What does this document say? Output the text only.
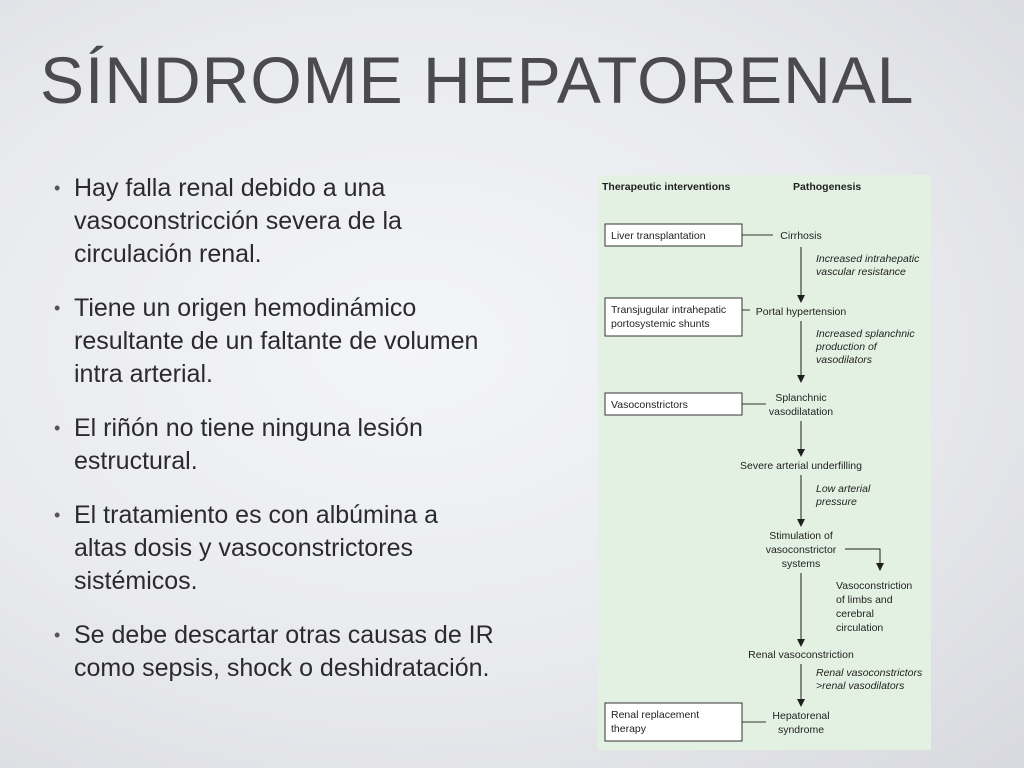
SÍNDROME HEPATORENAL
• Hay falla renal debido a una vasoconstricción severa de la circulación renal.
• Tiene un origen hemodinámico resultante de un faltante de volumen intra arterial.
• El riñón no tiene ninguna lesión estructural.
• El tratamiento es con albúmina a altas dosis y vasoconstrictores sistémicos.
• Se debe descartar otras causas de IR como sepsis, shock o deshidratación.
Therapeutic interventions	Pathogenesis
Liver transplantation
Transjugular intrahepatic
portosystemic shunts
Vasoconstrictors
Renal replacement
therapy
Cirrhosis
Portal hypertension
Splanchnic
vasodilatation
Severe arterial underfilling
Stimulation of
vasoconstrictor
systems
Vasoconstriction
of limbs and
cerebral
circulation
Renal vasoconstriction
Hepatorenal
syndrome
Increased intrahepatic
vascular resistance
Increased splanchnic
production of
vasodilators
Low arterial
pressure
Renal vasoconstrictors
>renal vasodilators
